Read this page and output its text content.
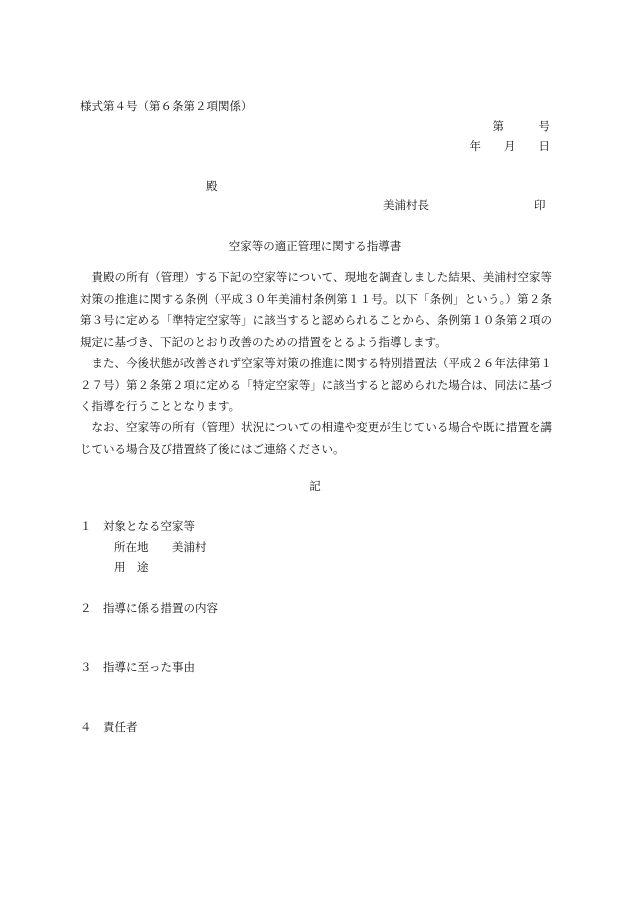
様式第４号（第６条第２項関係）
第　　　号
年　　月　　日
殿
美浦村長	印
空家等の適正管理に関する指導書
貴殿の所有（管理）する下記の空家等について、現地を調査しました結果、美浦村空家等対策の推進に関する条例（平成３０年美浦村条例第１１号。以下「条例」という。）第２条第３号に定める「準特定空家等」に該当すると認められることから、条例第１０条第２項の規定に基づき、下記のとおり改善のための措置をとるよう指導します。
また、今後状態が改善されず空家等対策の推進に関する特別措置法（平成２６年法律第１２７号）第２条第２項に定める「特定空家等」に該当すると認められた場合は、同法に基づく指導を行うこととなります。
なお、空家等の所有（管理）状況についての相違や変更が生じている場合や既に措置を講じている場合及び措置終了後にはご連絡ください。
記
１ 対象となる空家等
所在地 美浦村
用　途
２ 指導に係る措置の内容
３ 指導に至った事由
４ 責任者
